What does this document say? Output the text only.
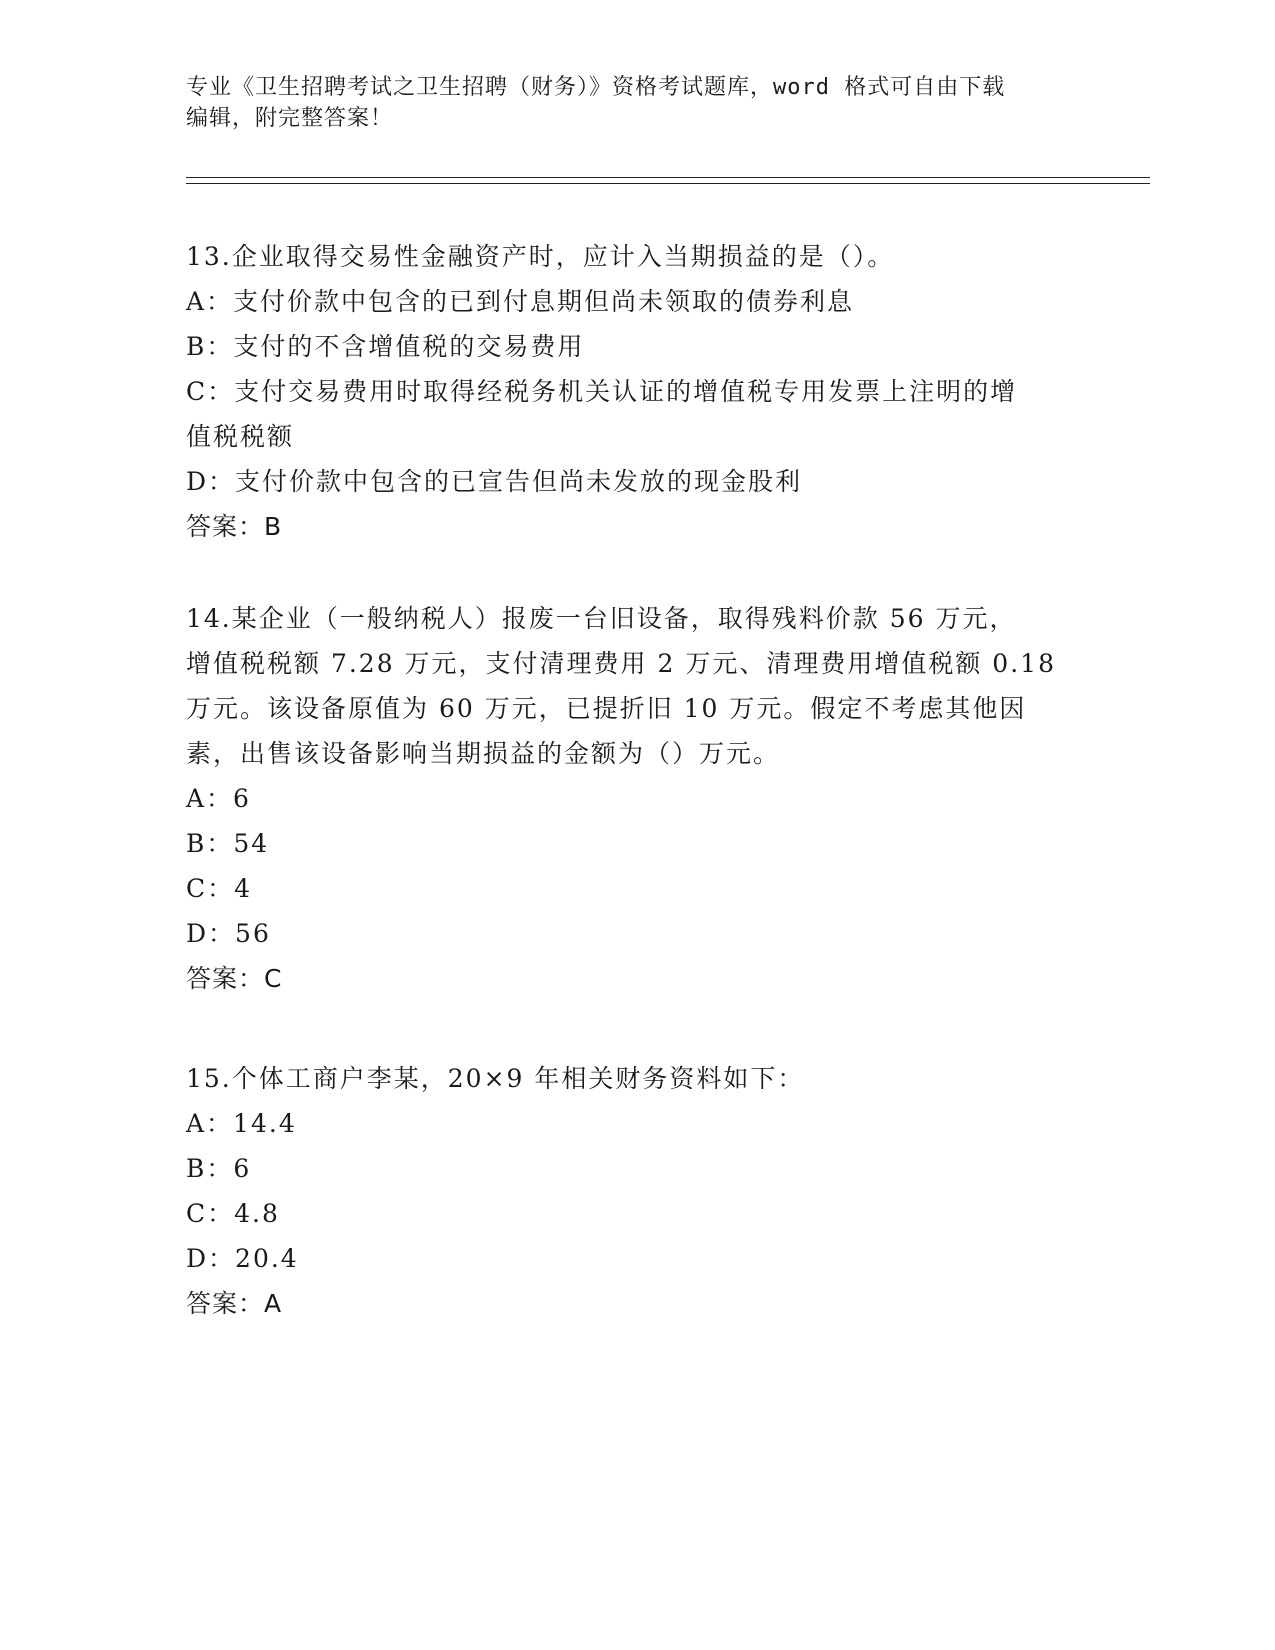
专业《卫生招聘考试之卫生招聘（财务）》资格考试题库，word 格式可自由下载
编辑，附完整答案！
13.企业取得交易性金融资产时，应计入当期损益的是（）。
A：支付价款中包含的已到付息期但尚未领取的债券利息
B：支付的不含增值税的交易费用
C：支付交易费用时取得经税务机关认证的增值税专用发票上注明的增
值税税额
D：支付价款中包含的已宣告但尚未发放的现金股利
答案：B
14.某企业（一般纳税人）报废一台旧设备，取得残料价款 56 万元，
增值税税额 7.28 万元，支付清理费用 2 万元、清理费用增值税额 0.18
万元。该设备原值为 60 万元，已提折旧 10 万元。假定不考虑其他因
素，出售该设备影响当期损益的金额为（）万元。
A：6
B：54
C：4
D：56
答案：C
15.个体工商户李某，20×9 年相关财务资料如下：
A：14.4
B：6
C：4.8
D：20.4
答案：A
